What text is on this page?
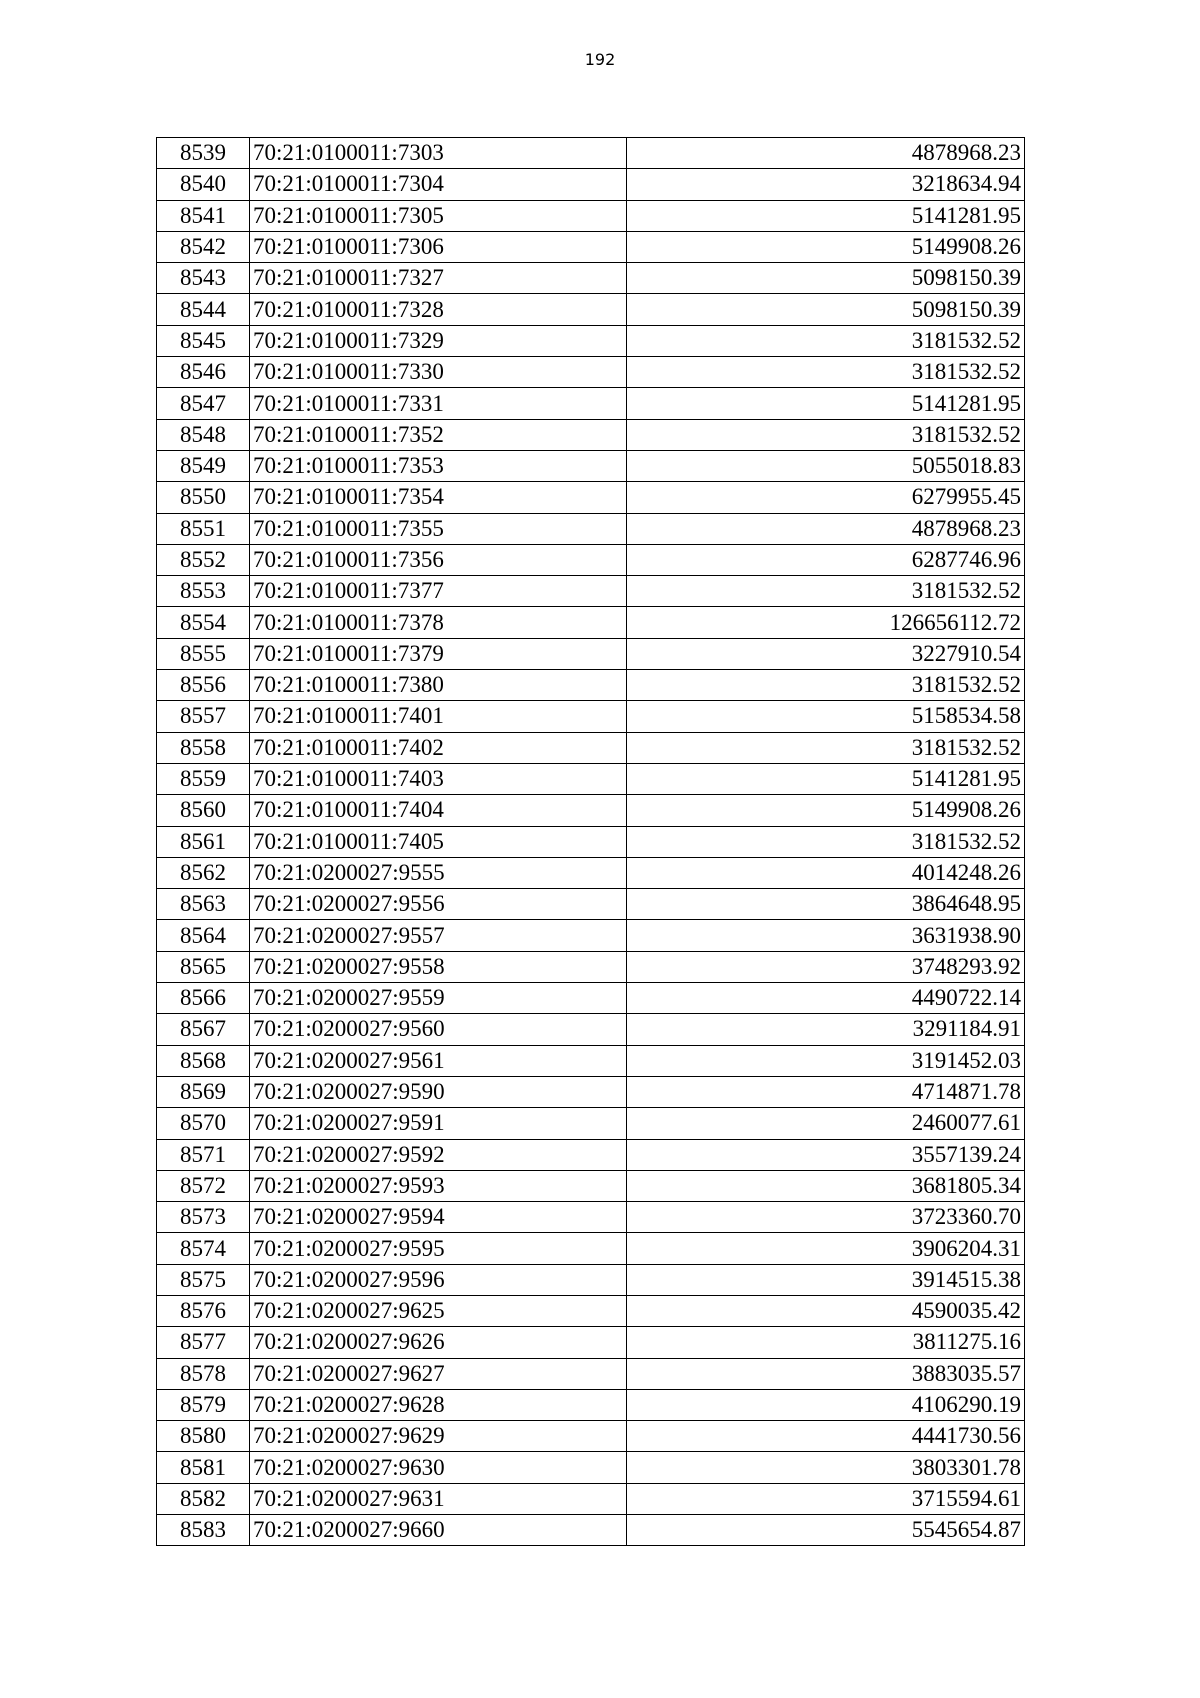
192
8539	70:21:0100011:7303	4878968.23
8540	70:21:0100011:7304	3218634.94
8541	70:21:0100011:7305	5141281.95
8542	70:21:0100011:7306	5149908.26
8543	70:21:0100011:7327	5098150.39
8544	70:21:0100011:7328	5098150.39
8545	70:21:0100011:7329	3181532.52
8546	70:21:0100011:7330	3181532.52
8547	70:21:0100011:7331	5141281.95
8548	70:21:0100011:7352	3181532.52
8549	70:21:0100011:7353	5055018.83
8550	70:21:0100011:7354	6279955.45
8551	70:21:0100011:7355	4878968.23
8552	70:21:0100011:7356	6287746.96
8553	70:21:0100011:7377	3181532.52
8554	70:21:0100011:7378	126656112.72
8555	70:21:0100011:7379	3227910.54
8556	70:21:0100011:7380	3181532.52
8557	70:21:0100011:7401	5158534.58
8558	70:21:0100011:7402	3181532.52
8559	70:21:0100011:7403	5141281.95
8560	70:21:0100011:7404	5149908.26
8561	70:21:0100011:7405	3181532.52
8562	70:21:0200027:9555	4014248.26
8563	70:21:0200027:9556	3864648.95
8564	70:21:0200027:9557	3631938.90
8565	70:21:0200027:9558	3748293.92
8566	70:21:0200027:9559	4490722.14
8567	70:21:0200027:9560	3291184.91
8568	70:21:0200027:9561	3191452.03
8569	70:21:0200027:9590	4714871.78
8570	70:21:0200027:9591	2460077.61
8571	70:21:0200027:9592	3557139.24
8572	70:21:0200027:9593	3681805.34
8573	70:21:0200027:9594	3723360.70
8574	70:21:0200027:9595	3906204.31
8575	70:21:0200027:9596	3914515.38
8576	70:21:0200027:9625	4590035.42
8577	70:21:0200027:9626	3811275.16
8578	70:21:0200027:9627	3883035.57
8579	70:21:0200027:9628	4106290.19
8580	70:21:0200027:9629	4441730.56
8581	70:21:0200027:9630	3803301.78
8582	70:21:0200027:9631	3715594.61
8583	70:21:0200027:9660	5545654.87
